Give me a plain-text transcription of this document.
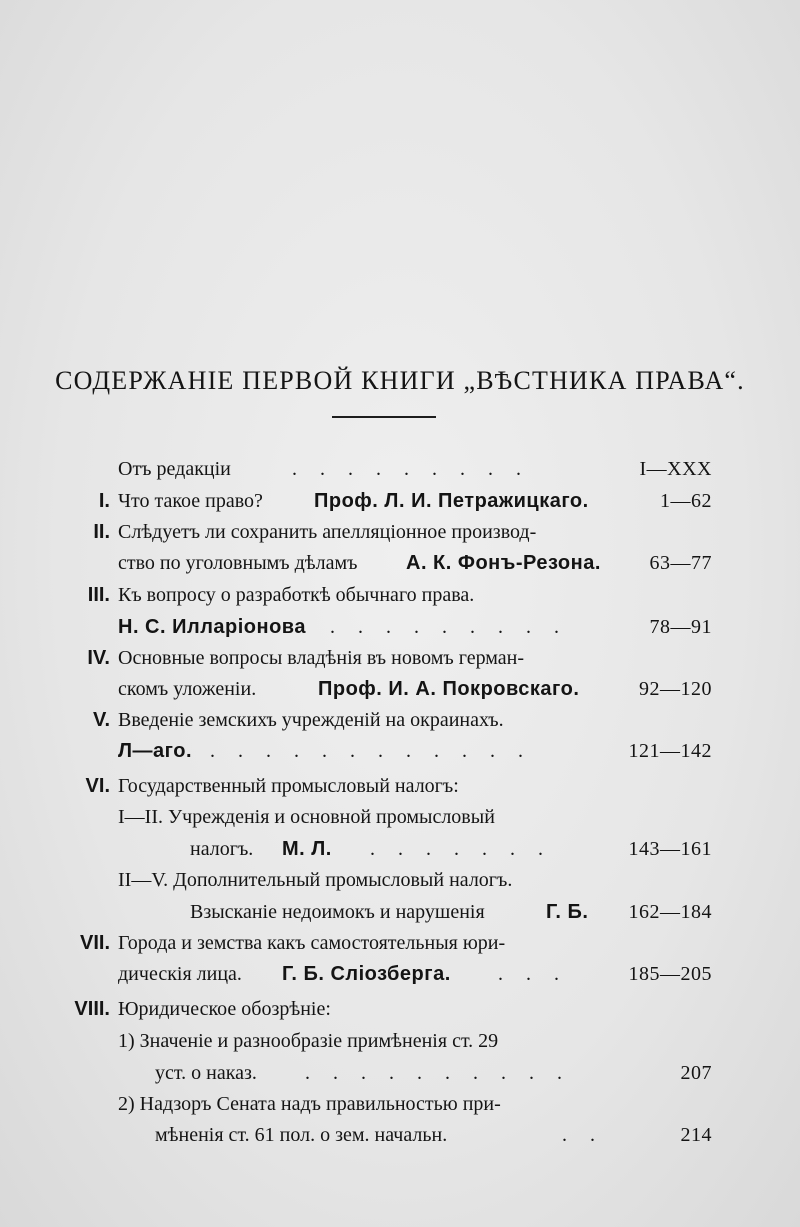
СОДЕРЖАНІЕ ПЕРВОЙ КНИГИ „ВѢСТНИКА ПРАВА“.
Отъ редакціи	. . . . . . . . .	I—XXX
I. Что такое право?	Проф. Л. И. Петражицкаго.	1—62
II. Слѣдуетъ ли сохранить апелляціонное производ-
ство по уголовнымъ дѣламъ А. К. Фонъ-Резона. 63—77
III. Къ вопросу о разработкѣ обычнаго права.
Н. С. Илларіонова . . . . . . . . .	78—91
IV. Основные вопросы владѣнія въ новомъ герман-
скомъ уложеніи.	Проф. И. А. Покровскаго.	92—120
V. Введеніе земскихъ учрежденій на окраинахъ.
Л—аго. . . . . . . . . . . . .	121—142
VI. Государственный промысловый налогъ:
I—II. Учрежденія и основной промысловый
налогъ. М. Л. . . . . . . .	143—161
II—V. Дополнительный промысловый налогъ.
Взысканіе недоимокъ и нарушенія	Г. Б. 162—184
VII. Города и земства какъ самостоятельныя юри-
дическія лица. Г. Б. Сліозберга. . . .	185—205
VIII. Юридическое обозрѣніе:
1) Значеніе и разнообразіе примѣненія ст. 29
уст. о наказ. . . . . . . . . . .	207
2) Надзоръ Сената надъ правильностью при-
мѣненія ст. 61 пол. о зем. начальн.	. .	214
